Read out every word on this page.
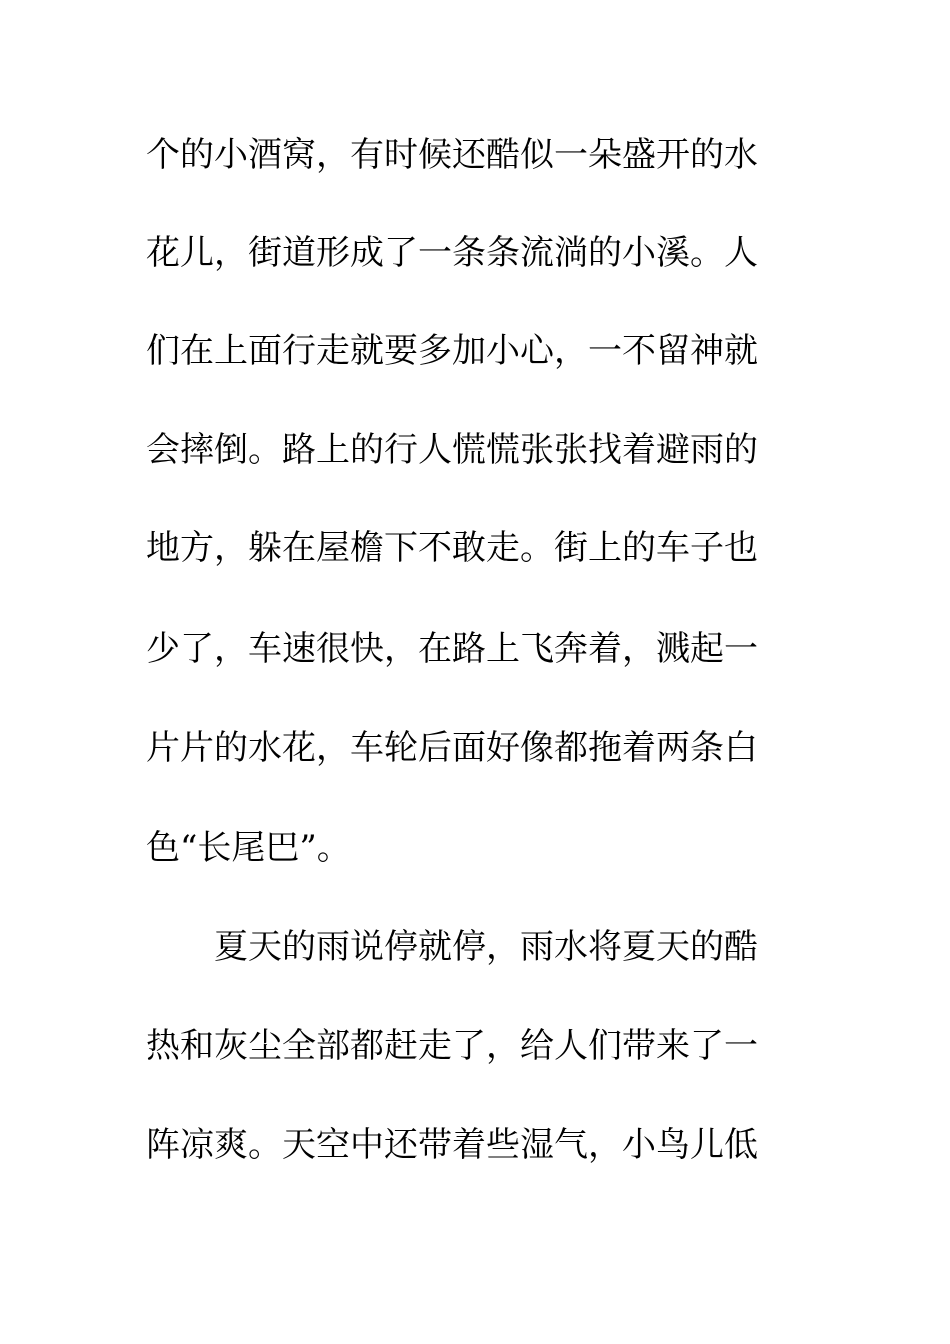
个的小酒窝，有时候还酷似一朵盛开的水
花儿，街道形成了一条条流淌的小溪。人
们在上面行走就要多加小心，一不留神就
会摔倒。路上的行人慌慌张张找着避雨的
地方，躲在屋檐下不敢走。街上的车子也
少了，车速很快，在路上飞奔着，溅起一
片片的水花，车轮后面好像都拖着两条白
色“长尾巴”。
夏天的雨说停就停，雨水将夏天的酷
热和灰尘全部都赶走了，给人们带来了一
阵凉爽。天空中还带着些湿气，小鸟儿低
